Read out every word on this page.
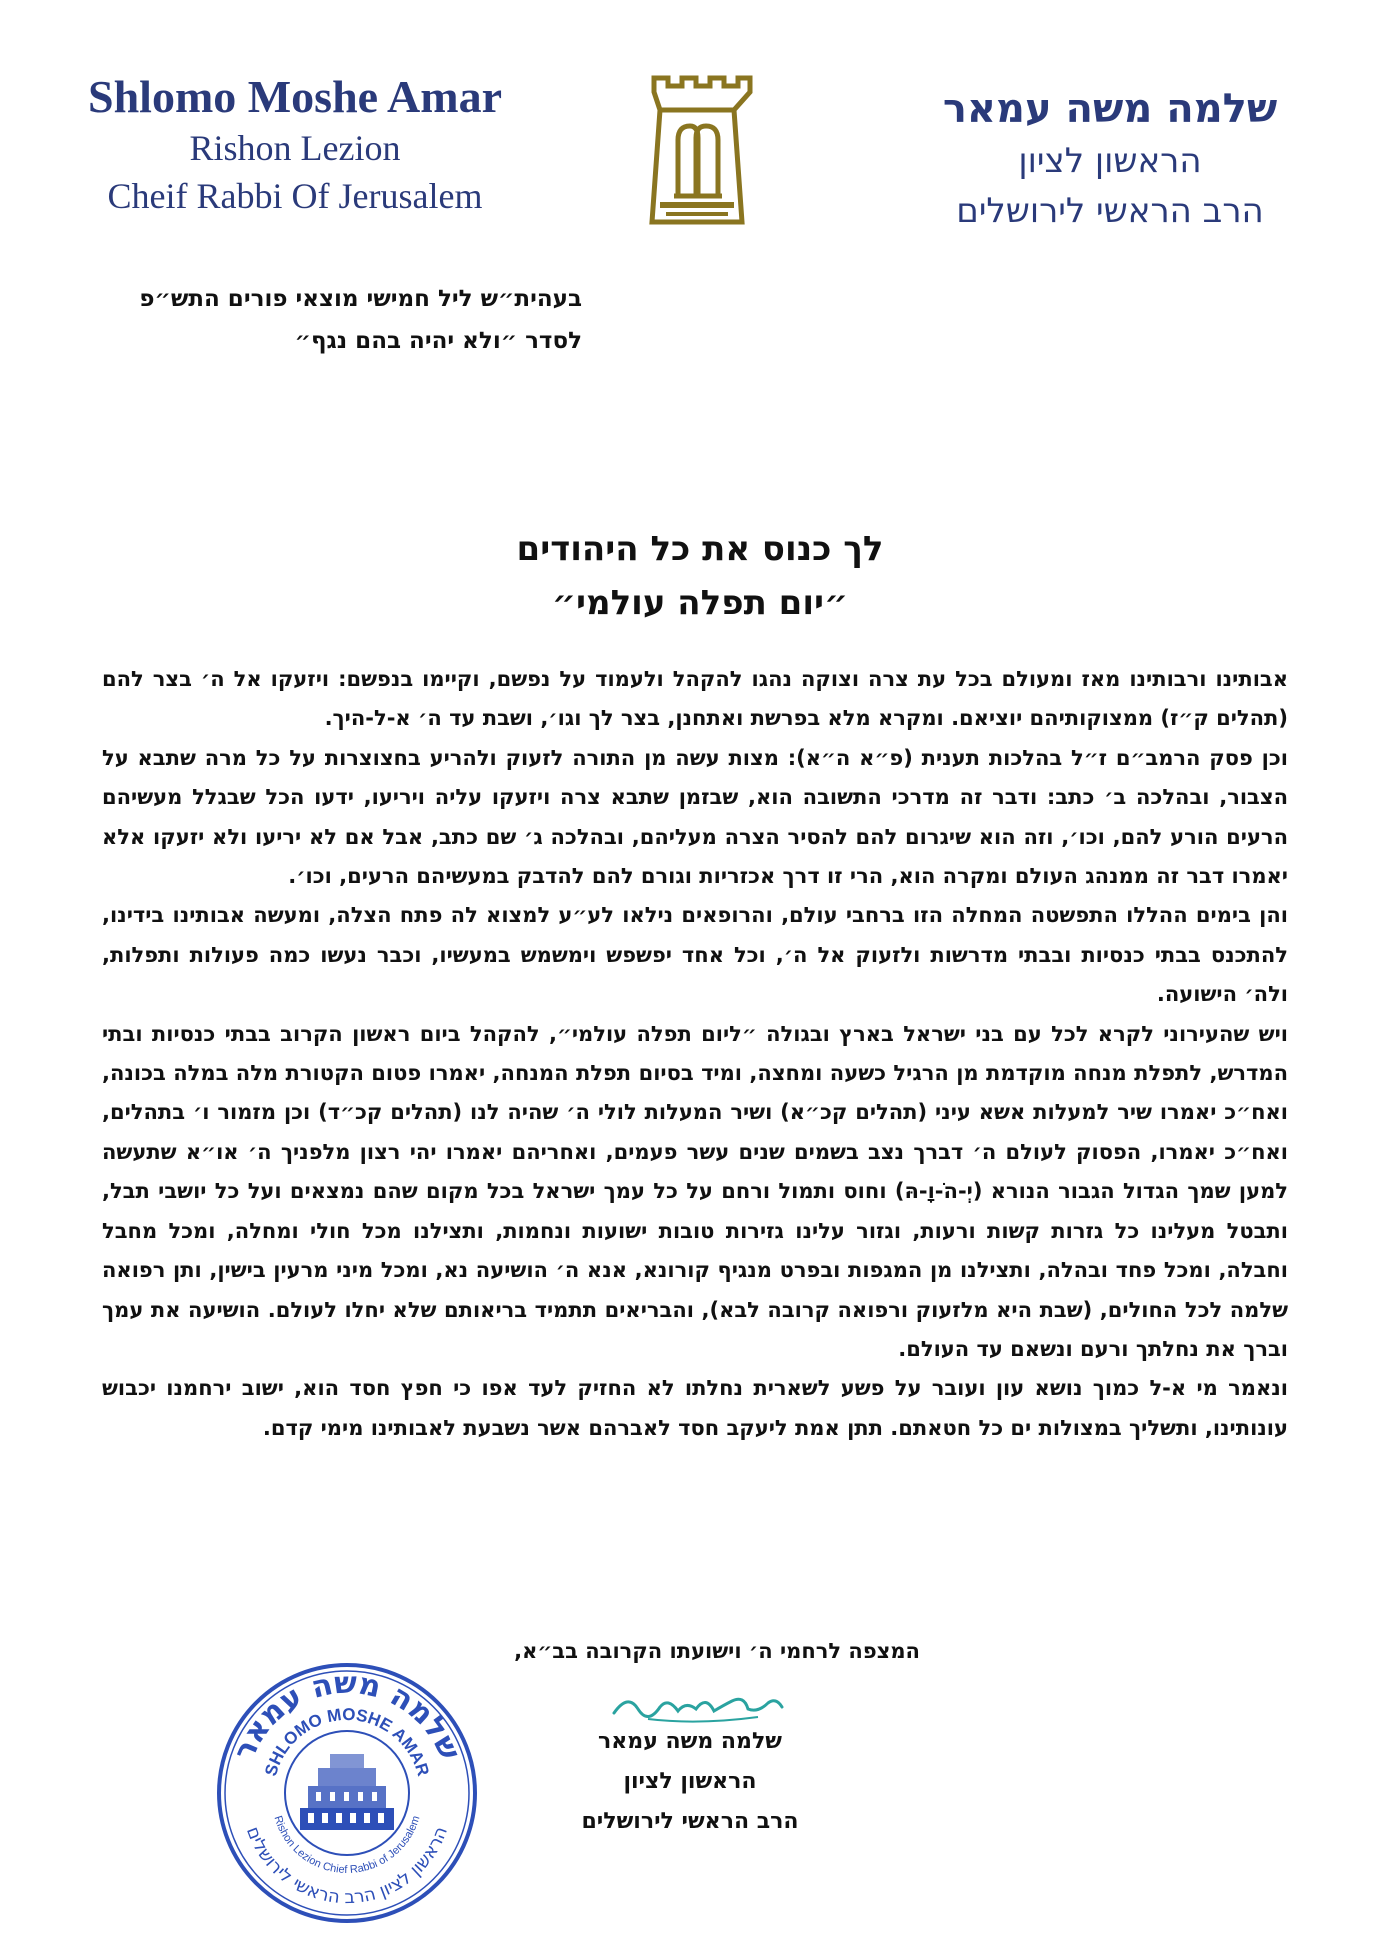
Shlomo Moshe Amar
Rishon Lezion
Cheif Rabbi Of Jerusalem
שלמה משה עמאר
הראשון לציון
הרב הראשי לירושלים
בעהית״ש ליל חמישי מוצאי פורים התש״פ
לסדר ״ולא יהיה בהם נגף״
לך כנוס את כל היהודים
״יום תפלה עולמי״

אבותינו ורבותינו מאז ומעולם בכל עת צרה וצוקה נהגו להקהל ולעמוד על נפשם, וקיימו בנפשם: ויזעקו אל ה׳ בצר להם (תהלים ק״ז) ממצוקותיהם יוציאם. ומקרא מלא בפרשת ואתחנן, בצר לך וגו׳, ושבת עד ה׳ א-ל-היך.

וכן פסק הרמב״ם ז״ל בהלכות תענית (פ״א ה״א): מצות עשה מן התורה לזעוק ולהריע בחצוצרות על כל מרה שתבא על הצבור, ובהלכה ב׳ כתב: ודבר זה מדרכי התשובה הוא, שבזמן שתבא צרה ויזעקו עליה ויריעו, ידעו הכל שבגלל מעשיהם הרעים הורע להם, וכו׳, וזה הוא שיגרום להם להסיר הצרה מעליהם, ובהלכה ג׳ שם כתב, אבל אם לא יריעו ולא יזעקו אלא יאמרו דבר זה ממנהג העולם ומקרה הוא, הרי זו דרך אכזריות וגורם להם להדבק במעשיהם הרעים, וכו׳.

והן בימים ההללו התפשטה המחלה הזו ברחבי עולם, והרופאים נילאו לע״ע למצוא לה פתח הצלה, ומעשה אבותינו בידינו, להתכנס בבתי כנסיות ובבתי מדרשות ולזעוק אל ה׳, וכל אחד יפשפש וימשמש במעשיו, וכבר נעשו כמה פעולות ותפלות, ולה׳ הישועה.

ויש שהעירוני לקרא לכל עם בני ישראל בארץ ובגולה ״ליום תפלה עולמי״, להקהל ביום ראשון הקרוב בבתי כנסיות ובתי המדרש, לתפלת מנחה מוקדמת מן הרגיל כשעה ומחצה, ומיד בסיום תפלת המנחה, יאמרו פטום הקטורת מלה במלה בכונה, ואח״כ יאמרו שיר למעלות אשא עיני (תהלים קכ״א) ושיר המעלות לולי ה׳ שהיה לנו (תהלים קכ״ד) וכן מזמור ו׳ בתהלים, ואח״כ יאמרו, הפסוק לעולם ה׳ דברך נצב בשמים שנים עשר פעמים, ואחריהם יאמרו יהי רצון מלפניך ה׳ או״א שתעשה למען שמך הגדול הגבור הנורא (יְ-הֹ-וָ-הּ) וחוס ותמול ורחם על כל עמך ישראל בכל מקום שהם נמצאים ועל כל יושבי תבל, ותבטל מעלינו כל גזרות קשות ורעות, וגזור עלינו גזירות טובות ישועות ונחמות, ותצילנו מכל חולי ומחלה, ומכל מחבל וחבלה, ומכל פחד ובהלה, ותצילנו מן המגפות ובפרט מנגיף קורונא, אנא ה׳ הושיעה נא, ומכל מיני מרעין בישין, ותן רפואה שלמה לכל החולים, (שבת היא מלזעוק ורפואה קרובה לבא), והבריאים תתמיד בריאותם שלא יחלו לעולם. הושיעה את עמך וברך את נחלתך ורעם ונשאם עד העולם.

ונאמר מי א-ל כמוך נושא עון ועובר על פשע לשארית נחלתו לא החזיק לעד אפו כי חפץ חסד הוא, ישוב ירחמנו יכבוש עונותינו, ותשליך במצולות ים כל חטאתם. תתן אמת ליעקב חסד לאברהם אשר נשבעת לאבותינו מימי קדם.

המצפה לרחמי ה׳ וישועתו הקרובה בב״א,
שלמה משה עמאר
הראשון לציון
הרב הראשי לירושלים
שלמה משה עמאר
SHLOMO MOSHE AMAR
Rishon Lezion Chief Rabbi of Jerusalem
הראשון לציון הרב הראשי לירושלים
